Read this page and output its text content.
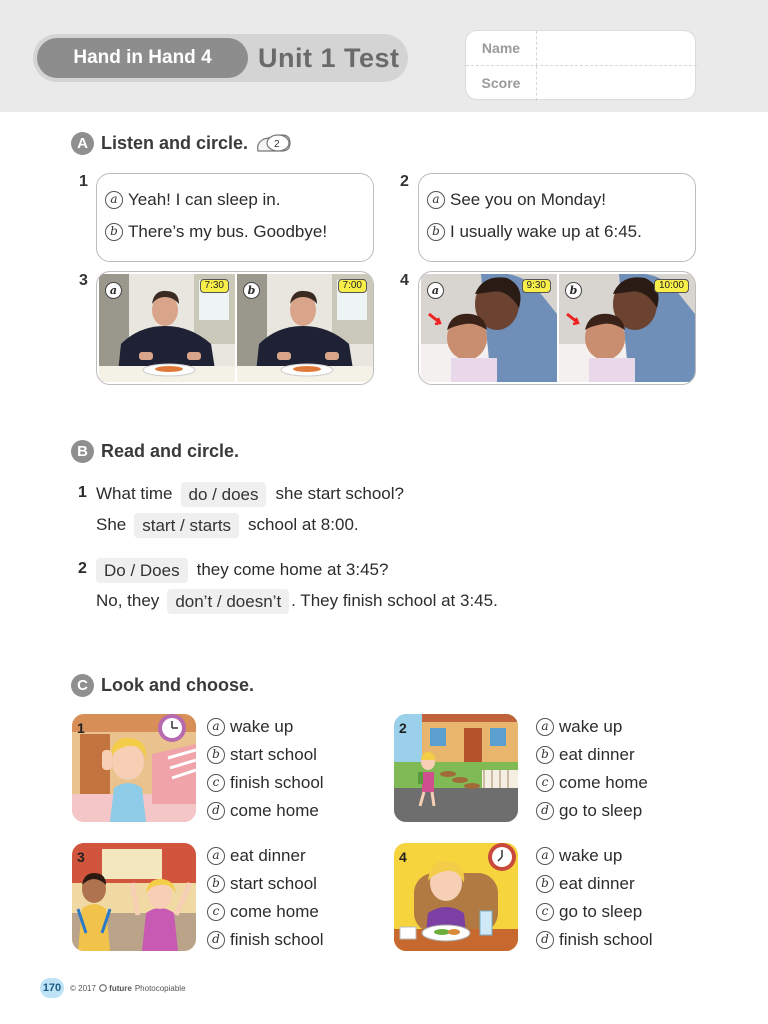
Hand in Hand 4	Unit 1 Test	Name
Score
A Listen and circle.	2
1
a Yeah! I can sleep in.
b There’s my bus. Goodbye!
2
a See you on Monday!
b I usually wake up at 6:45.
3
a	7:30	b	7:00	4
a	9:30	b	10:00
B Read and circle.
1 What time do / does	she start school?
She start / starts	school at 8:00.
2	Do / Does	they come home at 3:45?
No, they don’t / doesn’t . They finish school at 3:45.
C Look and choose.
1	a wake up
b start school
c finish school
d come home
2	a wake up
b eat dinner
c come home
d go to sleep
3	a eat dinner
b start school
c come home
d finish school
4	a wake up
b eat dinner
c go to sleep
d finish school
170	© 2017	future Photocopiable
